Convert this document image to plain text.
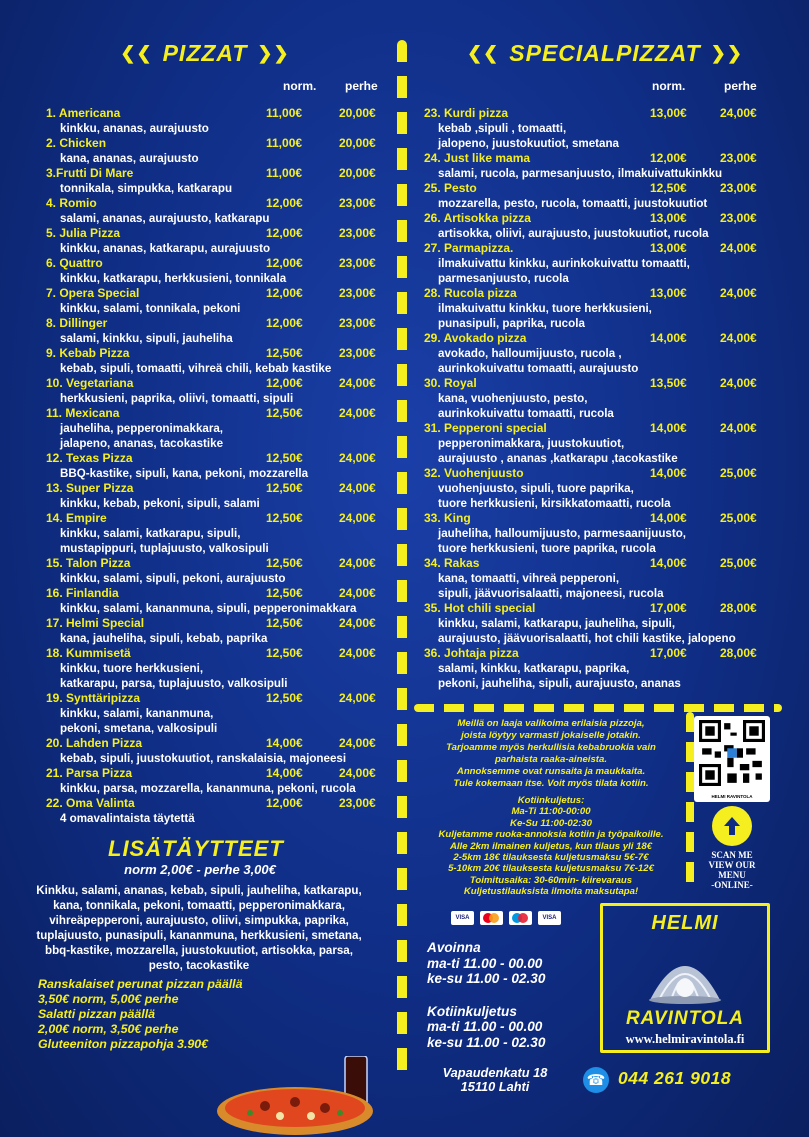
❮❮ PIZZAT ❯❯
norm. perhe
❮❮ SPECIALPIZZAT ❯❯
norm.	perhe
1. Americana	11,00€	20,00€
kinkku, ananas, aurajuusto
2. Chicken	11,00€	20,00€
kana, ananas, aurajuusto
3.Frutti Di Mare	11,00€	20,00€
tonnikala, simpukka, katkarapu
4. Romio	12,00€	23,00€
salami, ananas, aurajuusto, katkarapu
5. Julia Pizza	12,00€	23,00€
kinkku, ananas, katkarapu, aurajuusto
6. Quattro	12,00€	23,00€
kinkku, katkarapu, herkkusieni, tonnikala
7. Opera Special	12,00€	23,00€
kinkku, salami, tonnikala, pekoni
8. Dillinger	12,00€	23,00€
salami, kinkku, sipuli, jauheliha
9. Kebab Pizza	12,50€	23,00€
kebab, sipuli, tomaatti, vihreä chili, kebab kastike
10. Vegetariana	12,00€	24,00€
herkkusieni, paprika, oliivi, tomaatti, sipuli
11. Mexicana	12,50€	24,00€
jauheliha, pepperonimakkara,
jalapeno, ananas, tacokastike
12. Texas Pizza	12,50€	24,00€
BBQ-kastike, sipuli, kana, pekoni, mozzarella
13. Super Pizza	12,50€	24,00€
kinkku, kebab, pekoni, sipuli, salami
14. Empire	12,50€	24,00€
kinkku, salami, katkarapu, sipuli,
mustapippuri, tuplajuusto, valkosipuli
15. Talon Pizza	12,50€	24,00€
kinkku, salami, sipuli, pekoni, aurajuusto
16. Finlandia	12,50€	24,00€
kinkku, salami, kananmuna, sipuli, pepperonimakkara
17. Helmi Special	12,50€	24,00€
kana, jauheliha, sipuli, kebab, paprika
18. Kummisetä	12,50€	24,00€
kinkku, tuore herkkusieni,
katkarapu, parsa, tuplajuusto, valkosipuli
19. Synttäripizza	12,50€	24,00€
kinkku, salami, kananmuna,
pekoni, smetana, valkosipuli
20. Lahden Pizza	14,00€	24,00€
kebab, sipuli, juustokuutiot, ranskalaisia, majoneesi
21. Parsa Pizza	14,00€	24,00€
kinkku, parsa, mozzarella, kananmuna, pekoni, rucola
22. Oma Valinta	12,00€	23,00€
4 omavalintaista täytettä
23. Kurdi pizza	13,00€	24,00€
kebab ,sipuli , tomaatti,
jalopeno, juustokuutiot, smetana
24. Just like mama	12,00€	23,00€
salami, rucola, parmesanjuusto, ilmakuivattukinkku
25. Pesto	12,50€	23,00€
mozzarella, pesto, rucola, tomaatti, juustokuutiot
26. Artisokka pizza	13,00€	23,00€
artisokka, oliivi, aurajuusto, juustokuutiot, rucola
27. Parmapizza.	13,00€	24,00€
ilmakuivattu kinkku, aurinkokuivattu tomaatti,
parmesanjuusto, rucola
28. Rucola pizza	13,00€	24,00€
ilmakuivattu kinkku, tuore herkkusieni,
punasipuli, paprika, rucola
29. Avokado pizza	14,00€	24,00€
avokado, halloumijuusto, rucola ,
aurinkokuivattu tomaatti, aurajuusto
30. Royal	13,50€	24,00€
kana, vuohenjuusto, pesto,
aurinkokuivattu tomaatti, rucola
31. Pepperoni special	14,00€	24,00€
pepperonimakkara, juustokuutiot,
aurajuusto , ananas ,katkarapu ,tacokastike
32. Vuohenjuusto	14,00€	25,00€
vuohenjuusto, sipuli, tuore paprika,
tuore herkkusieni, kirsikkatomaatti, rucola
33. King	14,00€	25,00€
jauheliha, halloumijuusto, parmesaanijuusto,
tuore herkkusieni, tuore paprika, rucola
34. Rakas	14,00€	25,00€
kana, tomaatti, vihreä pepperoni,
sipuli, jäävuorisalaatti, majoneesi, rucola
35. Hot chili special	17,00€	28,00€
kinkku, salami, katkarapu, jauheliha, sipuli,
aurajuusto, jäävuorisalaatti, hot chili kastike, jalopeno
36. Johtaja pizza	17,00€	28,00€
salami, kinkku, katkarapu, paprika,
pekoni, jauheliha, sipuli, aurajuusto, ananas
LISÄTÄYTTEET
norm 2,00€ - perhe 3,00€
Kinkku, salami, ananas, kebab, sipuli, jauheliha, katkarapu,
kana, tonnikala, pekoni, tomaatti, pepperonimakkara,
vihreäpepperoni, aurajuusto, oliivi, simpukka, paprika,
tuplajuusto, punasipuli, kananmuna, herkkusieni, smetana,
bbq-kastike, mozzarella, juustokuutiot, artisokka, parsa,
pesto, tacokastike
Ranskalaiset perunat pizzan päällä
3,50€ norm, 5,00€ perhe
Salatti pizzan päällä
2,00€ norm, 3,50€ perhe
Gluteeniton pizzapohja 3.90€
Meillä on laaja valikoima erilaisia pizzoja,
joista löytyy varmasti jokaiselle jotakin.
Tarjoamme myös herkullisia kebabruokia vain
parhaista raaka-aineista.
Annoksemme ovat runsaita ja maukkaita.
Tule kokemaan itse. Voit myös tilata kotiin.
Kotiinkuljetus:
Ma-Ti 11:00-00:00
Ke-Su 11:00-02:30
Kuljetamme ruoka-annoksia kotiin ja työpaikoille.
Alle 2km ilmainen kuljetus, kun tilaus yli 18€
2-5km 18€ tilauksesta kuljetusmaksu 5€-7€
5-10km 20€ tilauksesta kuljetusmaksu 7€-12€
Toimitusaika: 30-60min- kiirevaraus
Kuljetustilauksista ilmoita maksutapa!
HELMI RAVINTOLA
SCAN ME
VIEW OUR
MENU
-ONLINE-
VISA	VISA
Avoinna
ma-ti 11.00 - 00.00
ke-su 11.00 - 02.30
Kotiinkuljetus
ma-ti 11.00 - 00.00
ke-su 11.00 - 02.30
HELMI
RAVINTOLA
www.helmiravintola.fi
Vapaudenkatu 18
15110 Lahti	☎ 044 261 9018
